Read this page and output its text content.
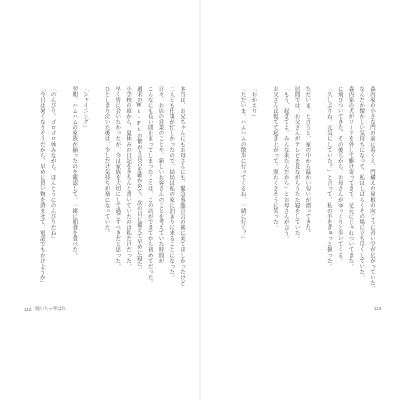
本当は、お兄ちゃんにもお母さんにも、緊急事態宣言の後に来てほしかったけど
二人とも仕事が忙しかったので、結局は私の家に泊まりに来ることになった。
日々、お店の営業のことや、新しいお客さんのことを考えていた時間が
こんなにも長い間止まってしまったことは、この店ができてから初めてだった。
週末のWi-Fiの繋がり具合を確かめて、次の日に備えて早めに寝た。
小学校の頃から、夏休みの日記をきちんと書いていたのは私だけだった。
早く皆に会いたかったが、今は家族を大切にして過ごすべきだと思った。
ひとしきり泣いた後は、少しだけ気持ちが楽になっていた。
「シャイニング」
翌朝、ハムハムの家族が揃ったのを確認して、一緒に朝食を食べた。
「のんびり、ゴロゴロ休みながら、ほんとうにのんびりだね」
「今日は暑くなりそうだから、早めに買い物を済ませて、電話でもかけようか」
112 瞳いちゃ呼ばれ
森内家の小さな門の前に着くと、門構えの屋根の向こうに青い空が広がっていた。
なんだか懐かしい気持ちになって、私はしばらくその場に立ち尽くしていた。
森内家の犬がリードを外して駆け寄ってきて、足元にじゃれついてきた。
に飛びついてきた。その後ろから、お母さんがゆっくりと歩いてくる。
「久しぶりね、元気にしていた？」と言って、私の手をぎゅっと握った。
ただいま、と言うと、家の中から温かい匂いが漂ってきた。
居間では、お父さんがテレビを見ながらうたた寝をしていた。
「もう、起きてよ。みんな来たんだから」とお母さんが言う。
お父さんは慌てて起き上がって、照れくさそうに笑った。
「おかえり」
「ただいま。ハムハムの散歩に行ってくるね、一緒に行く？」
113
